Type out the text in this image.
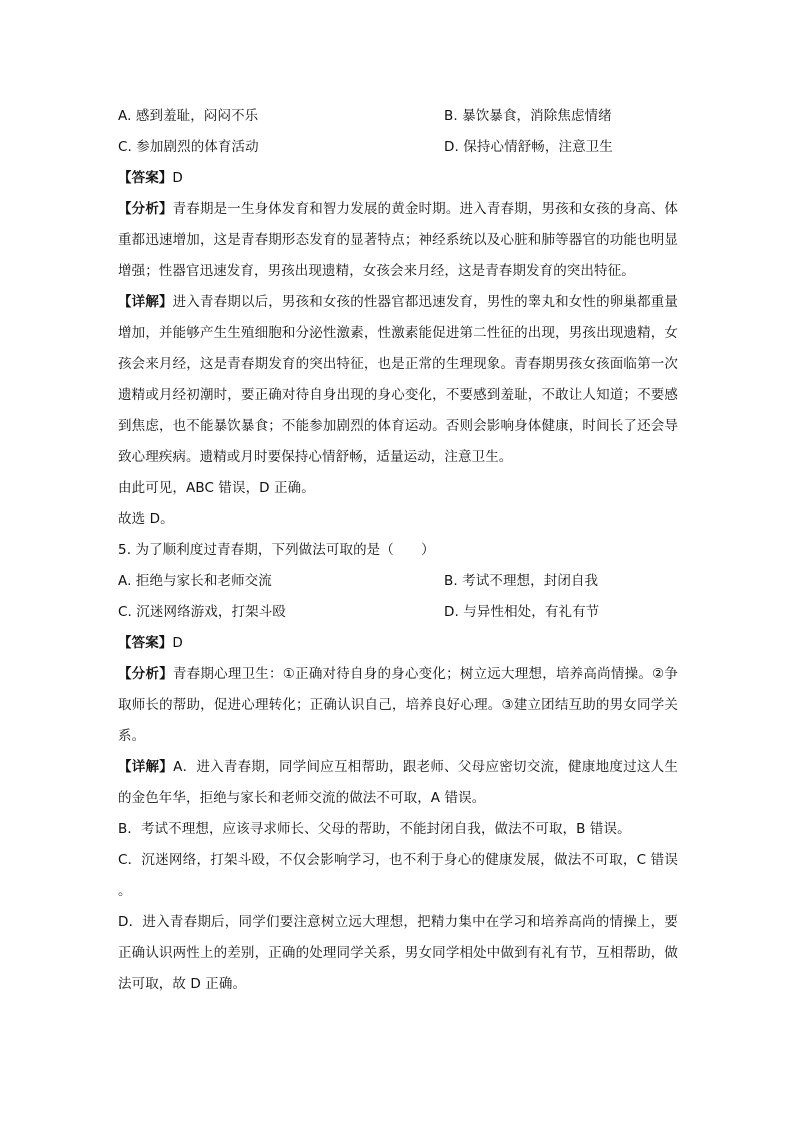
A. 感到羞耻，闷闷不乐	B. 暴饮暴食，消除焦虑情绪
C. 参加剧烈的体育活动	D. 保持心情舒畅，注意卫生
【答案】D
【分析】青春期是一生身体发育和智力发展的黄金时期。进入青春期，男孩和女孩的身高、体重都迅速增加，这是青春期形态发育的显著特点；神经系统以及心脏和肺等器官的功能也明显增强；性器官迅速发育，男孩出现遗精，女孩会来月经，这是青春期发育的突出特征。
【详解】进入青春期以后，男孩和女孩的性器官都迅速发育，男性的睾丸和女性的卵巢都重量增加，并能够产生生殖细胞和分泌性激素，性激素能促进第二性征的出现，男孩出现遗精，女孩会来月经，这是青春期发育的突出特征，也是正常的生理现象。青春期男孩女孩面临第一次遗精或月经初潮时，要正确对待自身出现的身心变化，不要感到羞耻，不敢让人知道；不要感到焦虑，也不能暴饮暴食；不能参加剧烈的体育运动。否则会影响身体健康，时间长了还会导致心理疾病。遗精或月时要保持心情舒畅，适量运动，注意卫生。
由此可见，ABC 错误，D 正确。
故选 D。
5. 为了顺利度过青春期，下列做法可取的是（　　）
A. 拒绝与家长和老师交流	B. 考试不理想，封闭自我
C. 沉迷网络游戏，打架斗殴	D. 与异性相处，有礼有节
【答案】D
【分析】青春期心理卫生：①正确对待自身的身心变化；树立远大理想，培养高尚情操。②争取师长的帮助，促进心理转化；正确认识自己，培养良好心理。③建立团结互助的男女同学关系。
【详解】A．进入青春期，同学间应互相帮助，跟老师、父母应密切交流，健康地度过这人生的金色年华，拒绝与家长和老师交流的做法不可取，A 错误。
B．考试不理想，应该寻求师长、父母的帮助，不能封闭自我，做法不可取，B 错误。
C．沉迷网络，打架斗殴，不仅会影响学习，也不利于身心的健康发展，做法不可取，C 错误。
D．进入青春期后，同学们要注意树立远大理想，把精力集中在学习和培养高尚的情操上，要正确认识两性上的差别，正确的处理同学关系，男女同学相处中做到有礼有节，互相帮助，做法可取，故 D 正确。
